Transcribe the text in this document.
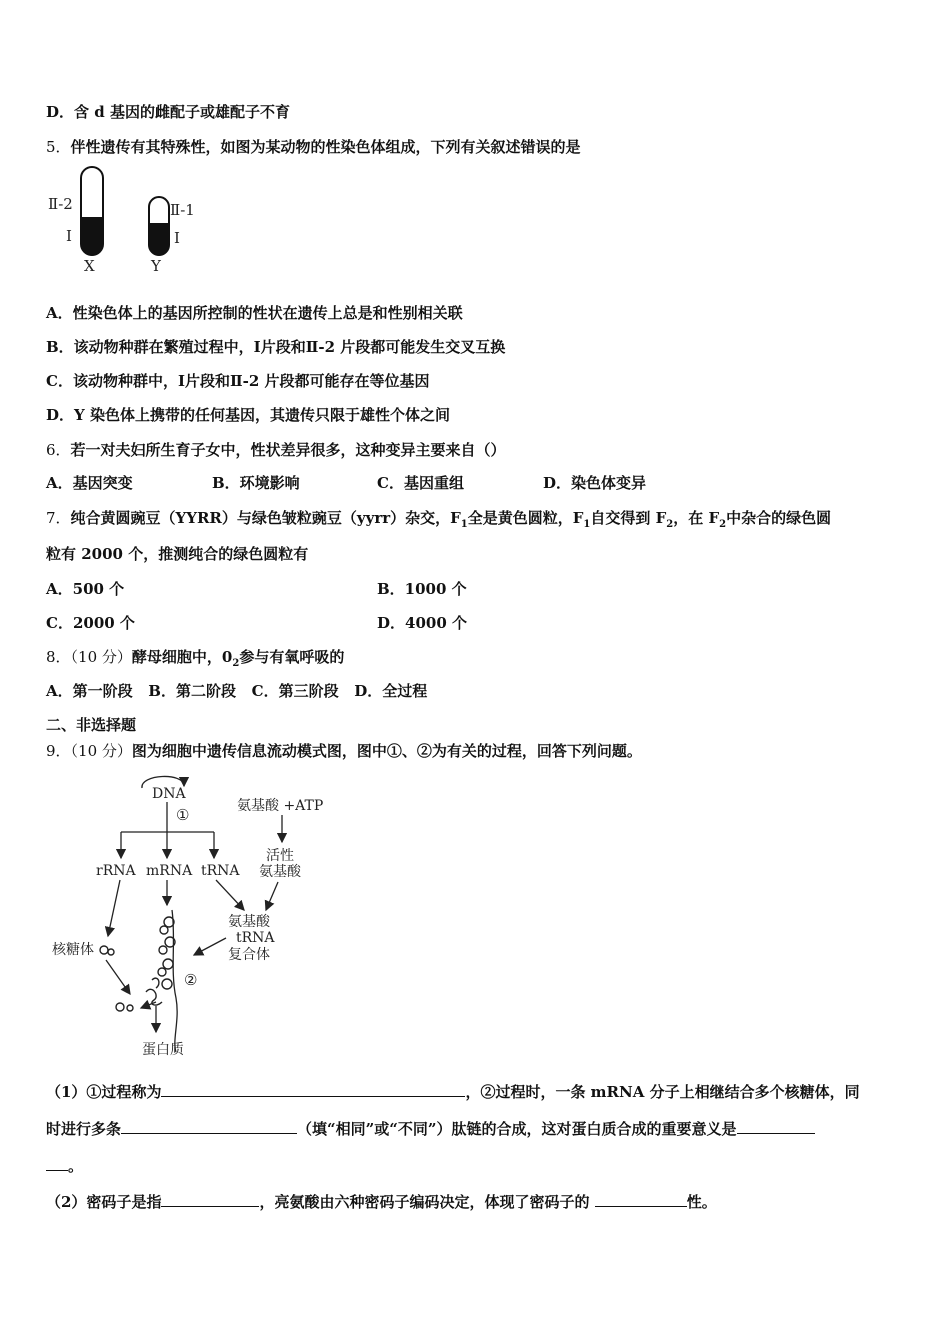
D．含 d 基因的雌配子或雄配子不育
5．伴性遗传有其特殊性，如图为某动物的性染色体组成，下列有关叙述错误的是
Ⅱ-2
Ⅰ
X
Ⅱ-1
Ⅰ
Y
A．性染色体上的基因所控制的性状在遗传上总是和性别相关联
B．该动物种群在繁殖过程中，Ⅰ片段和Ⅱ-2 片段都可能发生交叉互换
C．该动物种群中，Ⅰ片段和Ⅱ-2 片段都可能存在等位基因
D．Y 染色体上携带的任何基因，其遗传只限于雄性个体之间
6．若一对夫妇所生育子女中，性状差异很多，这种变异主要来自（）
A．基因突变	B．环境影响	C．基因重组	D．染色体变异
7．纯合黄圆豌豆（YYRR）与绿色皱粒豌豆（yyrr）杂交，$F_1$全是黄色圆粒，$F_1$自交得到 $F_2$，在 $F_2$中杂合的绿色圆
粒有 2000 个，推测纯合的绿色圆粒有
A．500 个	B．1000 个
C．2000 个	D．4000 个
8．（10 分）酵母细胞中，$0_2$参与有氧呼吸的
A．第一阶段   B．第二阶段   C．第三阶段   D．全过程
二、非选择题
9．（10 分）图为细胞中遗传信息流动模式图，图中①、②为有关的过程，回答下列问题。
DNA
①
rRNA mRNA tRNA
氨基酸 +ATP
活性
氨基酸
氨基酸
tRNA
复合体
②
核糖体
蛋白质
（1）①过程称为	，②过程时，一条 mRNA 分子上相继结合多个核糖体，同
时进行多条	（填“相同”或“不同”）肽链的合成，这对蛋白质合成的重要意义是
。
（2）密码子是指	，亮氨酸由六种密码子编码决定，体现了密码子的	性。
